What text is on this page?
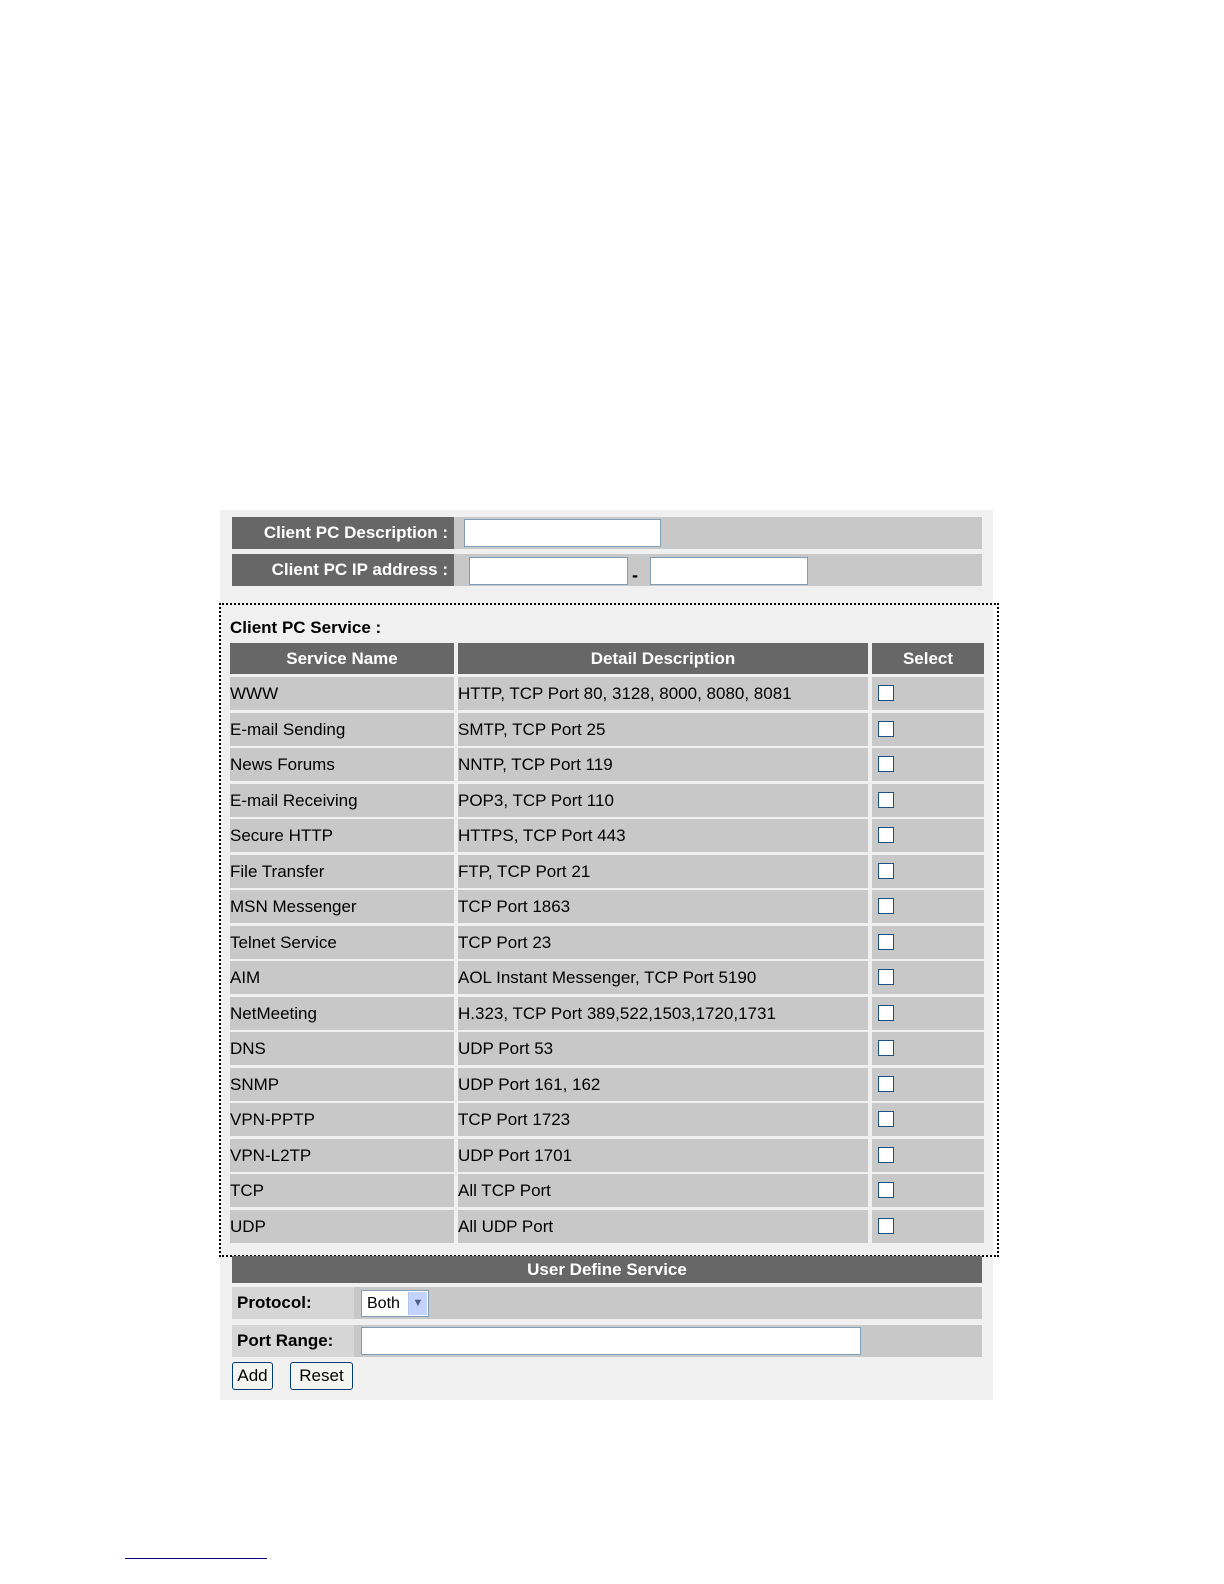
Client PC Description :
Client PC IP address :	-
Client PC Service :
Service Name	Detail Description	Select
WWW	HTTP, TCP Port 80, 3128, 8000, 8080, 8081
E-mail Sending	SMTP, TCP Port 25
News Forums	NNTP, TCP Port 119
E-mail Receiving	POP3, TCP Port 110
Secure HTTP	HTTPS, TCP Port 443
File Transfer	FTP, TCP Port 21
MSN Messenger	TCP Port 1863
Telnet Service	TCP Port 23
AIM	AOL Instant Messenger, TCP Port 5190
NetMeeting	H.323, TCP Port 389,522,1503,1720,1731
DNS	UDP Port 53
SNMP	UDP Port 161, 162
VPN-PPTP	TCP Port 1723
VPN-L2TP	UDP Port 1701
TCP	All TCP Port
UDP	All UDP Port
User Define Service
Protocol:	Both	▼
Port Range:
Add	Reset
